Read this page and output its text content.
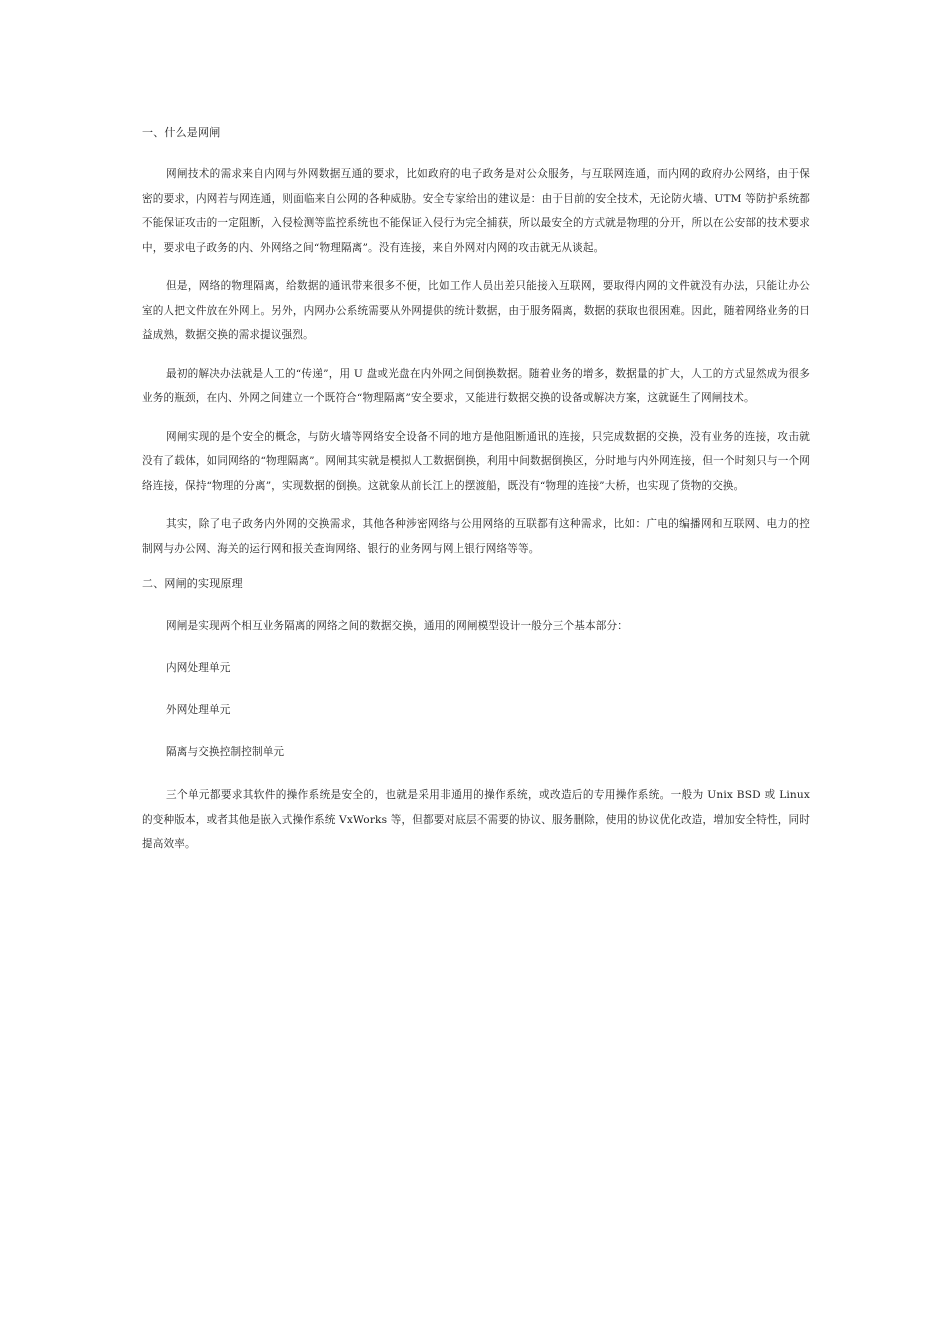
一、什么是网闸

网闸技术的需求来自内网与外网数据互通的要求，比如政府的电子政务是对公众服务，与互联网连通，而内网的政府办公网络，由于保密的要求，内网若与网连通，则面临来自公网的各种威胁。安全专家给出的建议是：由于目前的安全技术，无论防火墙、UTM 等防护系统都不能保证攻击的一定阻断，入侵检测等监控系统也不能保证入侵行为完全捕获，所以最安全的方式就是物理的分开，所以在公安部的技术要求中，要求电子政务的内、外网络之间“物理隔离”。没有连接，来自外网对内网的攻击就无从谈起。

但是，网络的物理隔离，给数据的通讯带来很多不便，比如工作人员出差只能接入互联网，要取得内网的文件就没有办法，只能让办公室的人把文件放在外网上。另外，内网办公系统需要从外网提供的统计数据，由于服务隔离，数据的获取也很困难。因此，随着网络业务的日益成熟，数据交换的需求提议强烈。

最初的解决办法就是人工的“传递”，用 U 盘或光盘在内外网之间倒换数据。随着业务的增多，数据量的扩大，人工的方式显然成为很多业务的瓶颈，在内、外网之间建立一个既符合“物理隔离”安全要求，又能进行数据交换的设备或解决方案，这就诞生了网闸技术。

网闸实现的是个安全的概念，与防火墙等网络安全设备不同的地方是他阻断通讯的连接，只完成数据的交换，没有业务的连接，攻击就没有了载体，如同网络的“物理隔离”。网闸其实就是模拟人工数据倒换，利用中间数据倒换区，分时地与内外网连接，但一个时刻只与一个网络连接，保持“物理的分离”，实现数据的倒换。这就象从前长江上的摆渡船，既没有“物理的连接”大桥，也实现了货物的交换。

其实，除了电子政务内外网的交换需求，其他各种涉密网络与公用网络的互联都有这种需求，比如：广电的编播网和互联网、电力的控制网与办公网、海关的运行网和报关查询网络、银行的业务网与网上银行网络等等。

二、网闸的实现原理

网闸是实现两个相互业务隔离的网络之间的数据交换，通用的网闸模型设计一般分三个基本部分：

内网处理单元

外网处理单元

隔离与交换控制控制单元

三个单元都要求其软件的操作系统是安全的，也就是采用非通用的操作系统，或改造后的专用操作系统。一般为 Unix BSD 或 Linux 的变种版本，或者其他是嵌入式操作系统 VxWorks 等，但都要对底层不需要的协议、服务删除，使用的协议优化改造，增加安全特性，同时提高效率。
